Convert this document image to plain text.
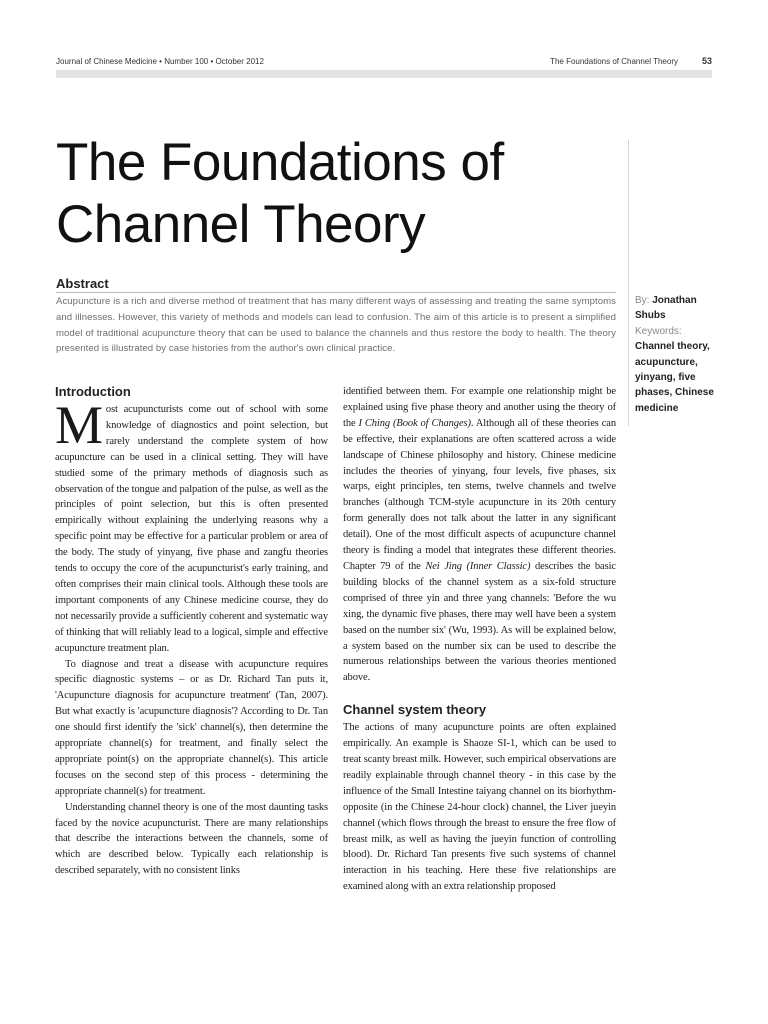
Journal of Chinese Medicine • Number 100 • October 2012	The Foundations of Channel Theory	53
The Foundations of
Channel Theory
Abstract

Acupuncture is a rich and diverse method of treatment that has many different ways of assessing and treating the same symptoms and illnesses. However, this variety of methods and models can lead to confusion. The aim of this article is to present a simplified model of traditional acupuncture theory that can be used to balance the channels and thus restore the body to health. The theory presented is illustrated by case histories from the author's own clinical practice.

By: Jonathan Shubs
Keywords:
Channel theory, acupuncture, yinyang, five phases, Chinese medicine
Introduction

Most acupuncturists come out of school with some knowledge of diagnostics and point selection, but rarely understand the complete system of how acupuncture can be used in a clinical setting. They will have studied some of the primary methods of diagnosis such as observation of the tongue and palpation of the pulse, as well as the principles of point selection, but this is often presented empirically without explaining the underlying reasons why a specific point may be effective for a particular problem or area of the body. The study of yinyang, five phase and zangfu theories tends to occupy the core of the acupuncturist's early training, and often comprises their main clinical tools. Although these tools are important components of any Chinese medicine course, they do not necessarily provide a sufficiently coherent and systematic way of thinking that will reliably lead to a logical, simple and effective acupuncture treatment plan.

To diagnose and treat a disease with acupuncture requires specific diagnostic systems – or as Dr. Richard Tan puts it, 'Acupuncture diagnosis for acupuncture treatment' (Tan, 2007). But what exactly is 'acupuncture diagnosis'? According to Dr. Tan one should first identify the 'sick' channel(s), then determine the appropriate channel(s) for treatment, and finally select the appropriate point(s) on the appropriate channel(s). This article focuses on the second step of this process - determining the appropriate channel(s) for treatment.

Understanding channel theory is one of the most daunting tasks faced by the novice acupuncturist. There are many relationships that describe the interactions between the channels, some of which are described below. Typically each relationship is described separately, with no consistent links

identified between them. For example one relationship might be explained using five phase theory and another using the theory of the I Ching (Book of Changes). Although all of these theories can be effective, their explanations are often scattered across a wide landscape of Chinese philosophy and history. Chinese medicine includes the theories of yinyang, four levels, five phases, six warps, eight principles, ten stems, twelve channels and twelve branches (although TCM-style acupuncture in its 20th century form generally does not talk about the latter in any significant detail). One of the most difficult aspects of acupuncture channel theory is finding a model that integrates these different theories. Chapter 79 of the Nei Jing (Inner Classic) describes the basic building blocks of the channel system as a six-fold structure comprised of three yin and three yang channels: 'Before the wu xing, the dynamic five phases, there may well have been a system based on the number six' (Wu, 1993). As will be explained below, a system based on the number six can be used to describe the numerous relationships between the various theories mentioned above.

Channel system theory

The actions of many acupuncture points are often explained empirically. An example is Shaoze SI-1, which can be used to treat scanty breast milk. However, such empirical observations are readily explainable through channel theory - in this case by the influence of the Small Intestine taiyang channel on its biorhythm-opposite (in the Chinese 24-hour clock) channel, the Liver jueyin channel (which flows through the breast to ensure the free flow of breast milk, as well as having the jueyin function of controlling blood). Dr. Richard Tan presents five such systems of channel interaction in his teaching. Here these five relationships are examined along with an extra relationship proposed
